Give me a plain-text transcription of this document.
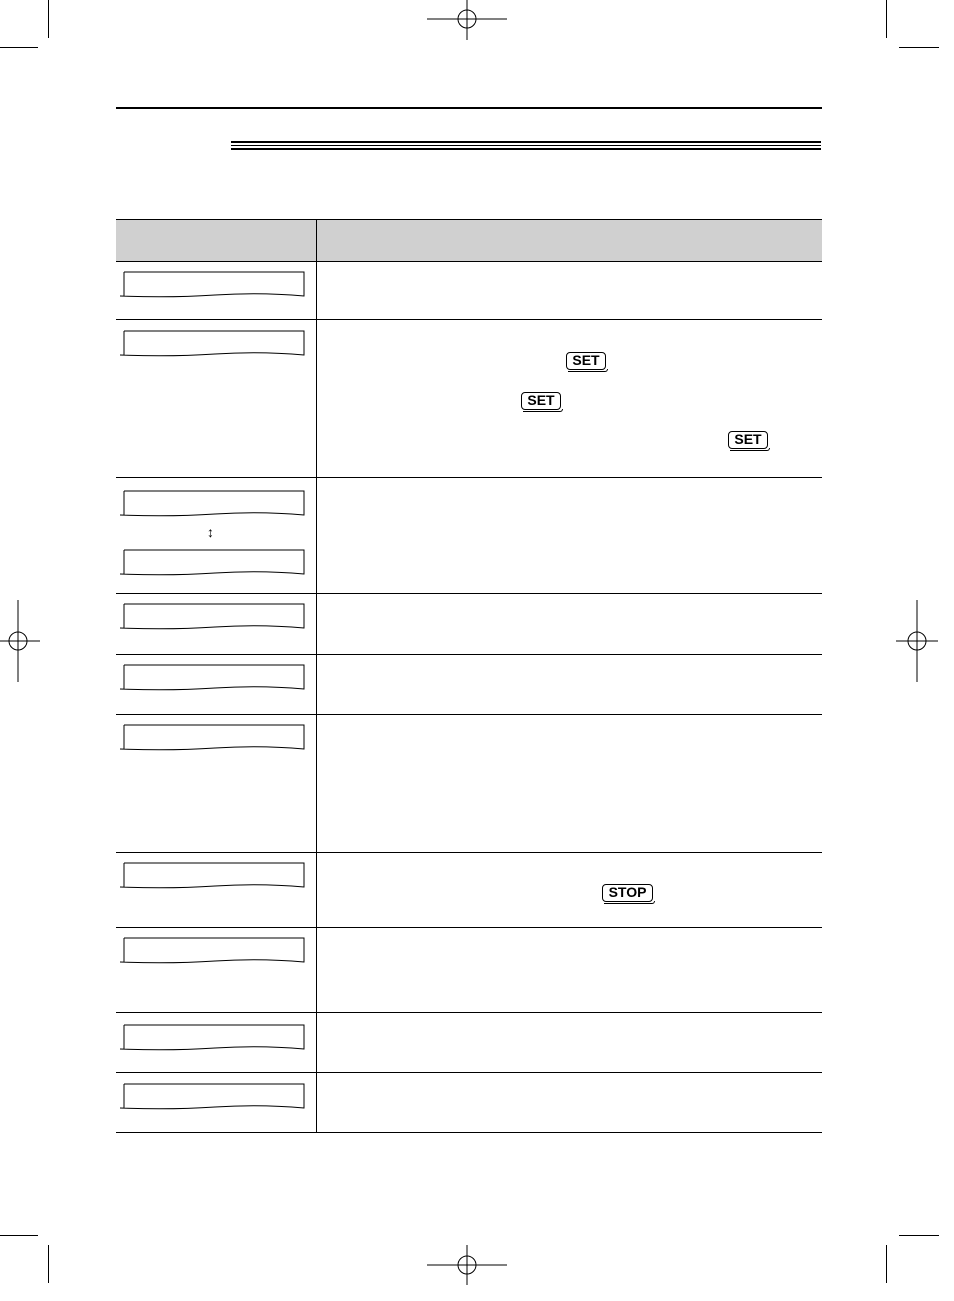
↕
SET
SET
SET
STOP
